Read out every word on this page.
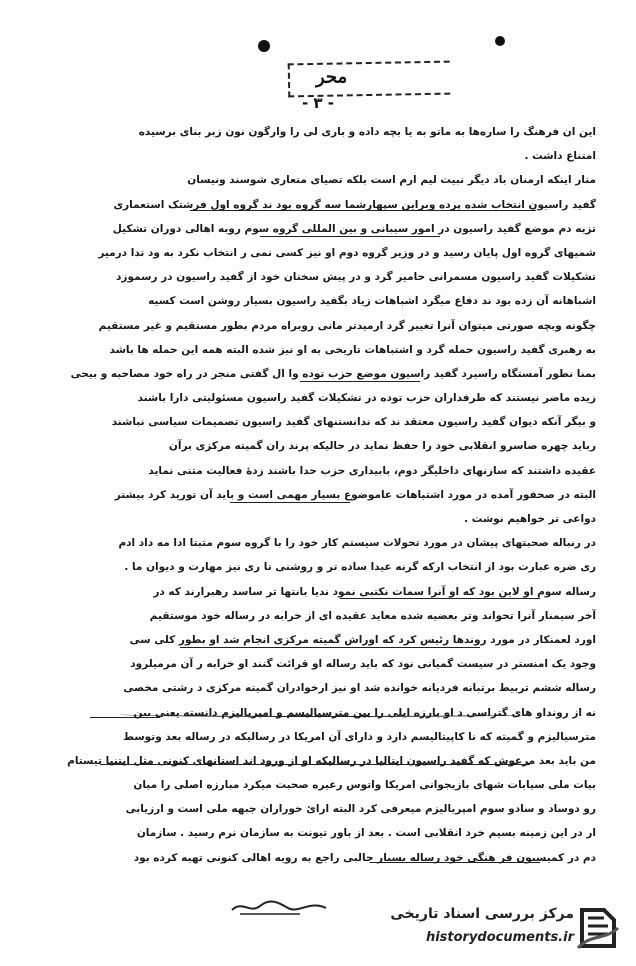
محر
- ۳ -
این ان فرهنگ را ساره‌ها به ماتو به یا بچه داده و باری لی را وارگون نون زبر بنای برسیده
امتناع داشت .
منار اینکه ارمنان باد دیگر نبیت لیم ارم است بلکه تصیای متعاری شوسند ونیسان
گفید راسیون انتخاب شده پرده وبراین سپهارشما سه گروه بود ند گروه اول فرشتک استعماری
تزیه دم موضع گفید راسیون در امور سیبانی و بین المللی گروه سوم روبه اهالی دوران تشکیل
شمیهای گروه اول پایان رسید و در وزیر گروه دوم او نیز کسی نمی ر انتخاب نکرد به ود تدا درمیر
تشکیلات گفید راسیون مسمرانی حامیر گرد و در پیش سخنان خود از گفید راسیون در رسموزد
اشباهانه آن زده بود ند دفاع میگرد اشباهات زیاد بگفید راسیون بسیار روشن است کسیه
چگونه وبچه صورتی میتوان آنرا تغییر گرد ارمیدتر مانی روبراه مردم بطور مستقیم و غیر مستقیم
به رهبری گفید راسیون حمله گرد و اشتباهات تاریخی به او نیز شده البته همه این حمله ها باشد
بمنا نطور آمستگاه راسیرد گفید راسیون موضع حزب توده وا ال گفتی منجر در راه خود مصاحبه و بیحی
زیده ماضر نیستند که طرفداران حزب توده در تشکیلات گفید راسیون مسئولیتی دارا باشند
و بیگر آنکه دیوان گفید راسیون معتقد ند که ندانستنهای گفید راسیون تصمیمات سیاسی نباشند
رباید چهره صاسرو انقلابی خود را حفظ نماید در حالیکه پرند ران گمیته مرکزی برآن
عقیده داشتند که سازنهای داخلیگر دوم، بابیداری حزب حدا باشند زدهٔ فعالیت متنی نماید
البته در صحفور آمده در مورد اشتباهات عاموضوع بسیار مهمی است و باید آن تورید کرد بیشتر
دواعی تر خواهیم نوشت .
در رنباله صحبتهای پیشان در مورد تحولات سیستم کار خود را با گروه سوم مثبتا ادا مه داد ادم
ری ضره عبارت بود از انتخاب ارکه گرنه عیدا ساده تر و روشنی تا ری نیز مهارت و دیوان ما .
رساله سوم او لاین بود که او آنرا سمات نکتبی نمود ندیا بانتها تر ساسد رهبرارند که در
آخر سیمنار آنرا تحواند وتر بعضیه شده معاید عقیده ای از خرابه در رساله خود موستقیم
اورد لعمنکار در مورد روندها رئیس کرد که اوراش گمیته مرکزی انجام شد او بطور کلی سی
وجود یک امنستر در سیست گمیانی نود که باید رساله او قرائت گنند او خرابه ر آن مرمیلرود
رساله ششم تربیط برتبانه فردیانه خوانده شد او نیز ارخوادران گمیته مرکزی د رشتی مخصی
نه از رونداو های گتراسی د او بارزه ایلی را بین مترسیالیسم و امپریالیزم دانسته یعنی بین
مترسیالیزم و گمیته که نا کاپیتالیسم دارد و دارای آن امریکا در رسالیکه در رساله بعد وتوسط
من باید بعد مرعوش که گفید راسیون ایتالیا در رسالیکه او از ورود اند استانهای کنونی مثل ایتنیا تیستام
بیات ملی سیابات شهای بازیجوانی امریکا واتوس رعیره صحبت میکرد مبارزه اصلی را میان
رو دوساد و سادو سوم امپریالیزم میعرفی کرد البته ارائ خوراران جبهه ملی است و ارزیابی
ار در این زمینه بسیم خرد انقلابی است . بعد از باور تیونت به سازمان نرم رسید . سازمان
دم در کمیسیون فر هنگی خود رساله بسیار جالبی راجع به رویه اهالی کنونی تهیه کرده بود
مرکز بررسی اسناد تاریخی
historydocuments.ir
